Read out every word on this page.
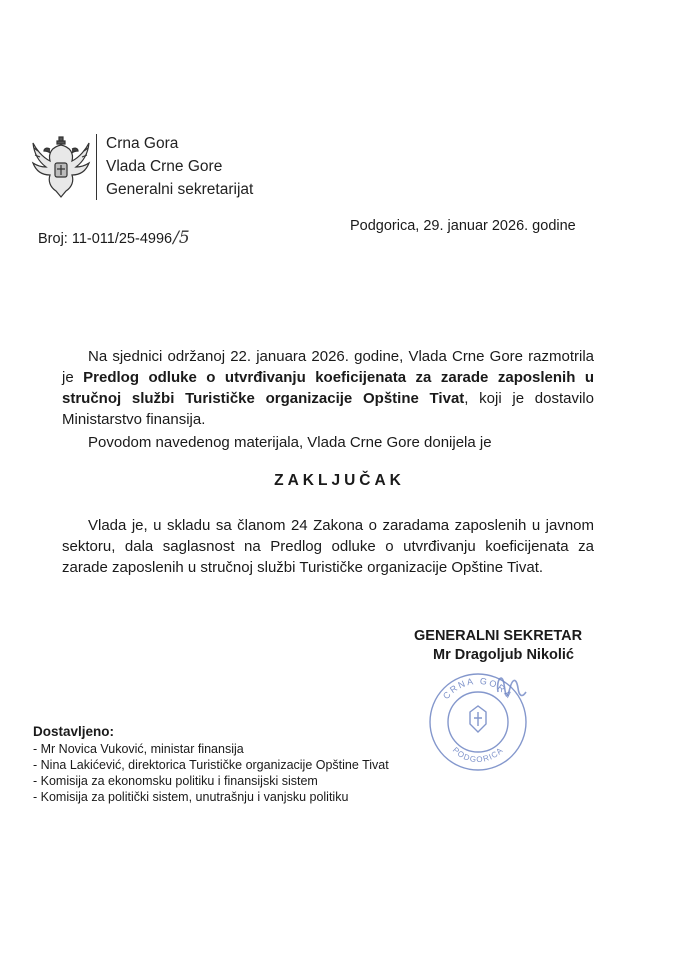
Crna Gora
Vlada Crne Gore
Generalni sekretarijat
Broj: 11-011/25-4996/5
Podgorica, 29. januar 2026. godine
Na sjednici održanoj 22. januara 2026. godine, Vlada Crne Gore razmotrila je Predlog odluke o utvrđivanju koeficijenata za zarade zaposlenih u stručnoj službi Turističke organizacije Opštine Tivat, koji je dostavilo Ministarstvo finansija.
Povodom navedenog materijala, Vlada Crne Gore donijela je
ZAKLJUČAK
Vlada je, u skladu sa članom 24 Zakona o zaradama zaposlenih u javnom sektoru, dala saglasnost na Predlog odluke o utvrđivanju koeficijenata za zarade zaposlenih u stručnoj službi Turističke organizacije Opštine Tivat.
GENERALNI SEKRETAR
Mr Dragoljub Nikolić
CRNA GORA
PODGORICA
Dostavljeno:
- Mr Novica Vuković, ministar finansija
- Nina Lakićević, direktorica Turističke organizacije Opštine Tivat
- Komisija za ekonomsku politiku i finansijski sistem
- Komisija za politički sistem, unutrašnju i vanjsku politiku
